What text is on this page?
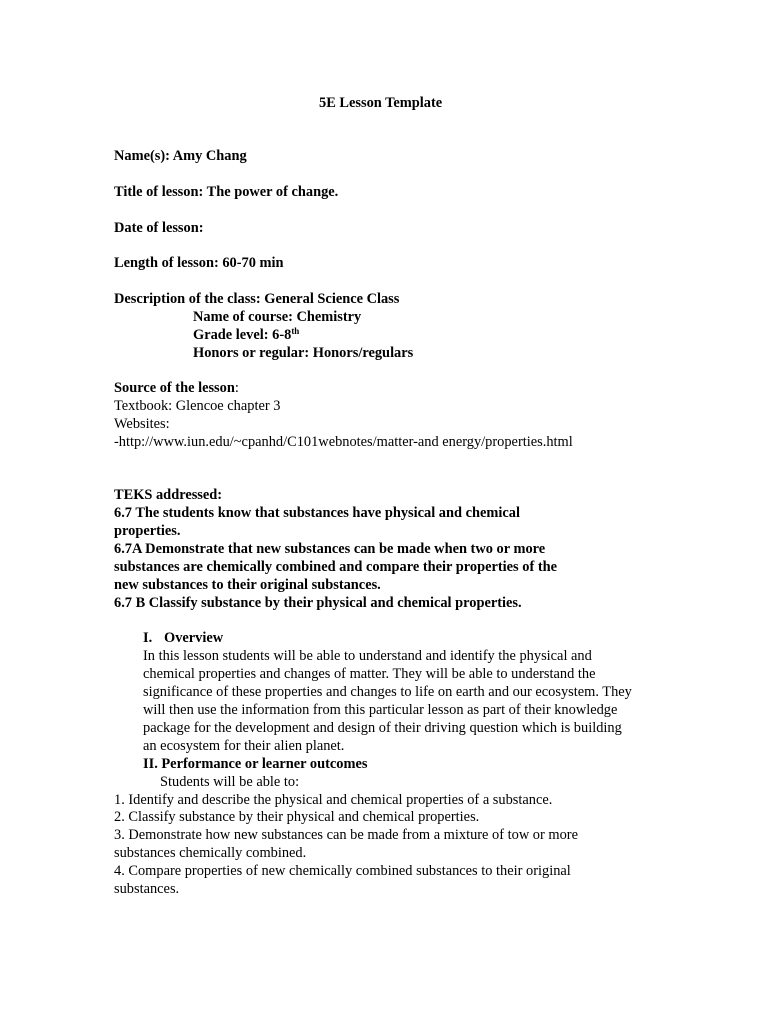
5E Lesson Template
Name(s): Amy Chang
Title of lesson: The power of change.
Date of lesson:
Length of lesson: 60-70 min
Description of the class: General Science Class
Name of course: Chemistry
Grade level: 6-8th
Honors or regular: Honors/regulars
Source of the lesson:
Textbook: Glencoe chapter 3
Websites:
-http://www.iun.edu/~cpanhd/C101webnotes/matter-and energy/properties.html
TEKS addressed:
6.7 The students know that substances have physical and chemical
properties.
6.7A Demonstrate that new substances can be made when two or more
substances are chemically combined and compare their properties of the
new substances to their original substances.
6.7 B Classify substance by their physical and chemical properties.
I. Overview
In this lesson students will be able to understand and identify the physical and
chemical properties and changes of matter. They will be able to understand the
significance of these properties and changes to life on earth and our ecosystem. They
will then use the information from this particular lesson as part of their knowledge
package for the development and design of their driving question which is building
an ecosystem for their alien planet.
II. Performance or learner outcomes
Students will be able to:
1. Identify and describe the physical and chemical properties of a substance.
2. Classify substance by their physical and chemical properties.
3. Demonstrate how new substances can be made from a mixture of tow or more
substances chemically combined.
4. Compare properties of new chemically combined substances to their original
substances.
